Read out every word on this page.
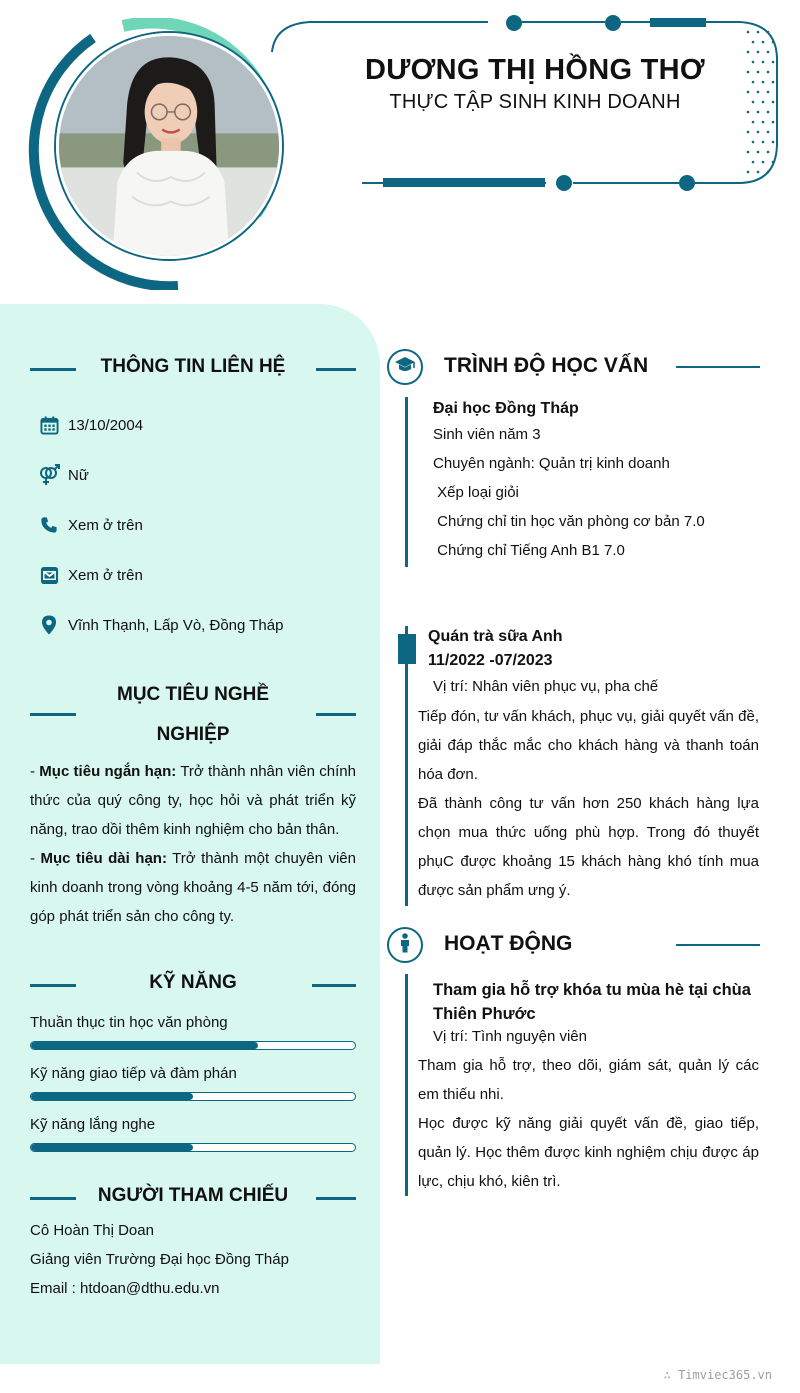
DƯƠNG THỊ HỒNG THƠ
THỰC TẬP SINH KINH DOANH
THÔNG TIN LIÊN HỆ
13/10/2004
Nữ
Xem ở trên
Xem ở trên
Vĩnh Thạnh, Lấp Vò, Đồng Tháp
MỤC TIÊU NGHỀ
NGHIỆP
- Mục tiêu ngắn hạn: Trở thành nhân viên chính thức của quý công ty, học hỏi và phát triển kỹ năng, trao dồi thêm kinh nghiệm cho bản thân.
- Mục tiêu dài hạn: Trở thành một chuyên viên kinh doanh trong vòng khoảng 4-5 năm tới, đóng góp phát triển sản cho công ty.
KỸ NĂNG
Thuần thục tin học văn phòng
Kỹ năng giao tiếp và đàm phán
Kỹ năng lắng nghe
NGƯỜI THAM CHIẾU
Cô Hoàn Thị Doan
Giảng viên Trường Đại học Đồng Tháp
Email : htdoan@dthu.edu.vn
TRÌNH ĐỘ HỌC VẤN
Đại học Đồng Tháp
Sinh viên năm 3
Chuyên ngành: Quản trị kinh doanh
Xếp loại giỏi
Chứng chỉ tin học văn phòng cơ bản 7.0
Chứng chỉ Tiếng Anh B1 7.0
Quán trà sữa Anh
11/2022 -07/2023
Vị trí: Nhân viên phục vụ, pha chế
Tiếp đón, tư vấn khách, phục vụ, giải quyết vấn đề, giải đáp thắc mắc cho khách hàng và thanh toán hóa đơn.
Đã thành công tư vấn hơn 250 khách hàng lựa chọn mua thức uống phù hợp. Trong đó thuyết phụC được khoảng 15 khách hàng khó tính mua được sản phẩm ưng ý.
HOẠT ĐỘNG
Tham gia hỗ trợ khóa tu mùa hè tại chùa Thiên Phước
Vị trí: Tình nguyện viên
Tham gia hỗ trợ, theo dõi, giám sát, quản lý các em thiếu nhi.
Học được kỹ năng giải quyết vấn đề, giao tiếp, quản lý. Học thêm được kinh nghiệm chịu được áp lực, chịu khó, kiên trì.
∴ Timviec365.vn
